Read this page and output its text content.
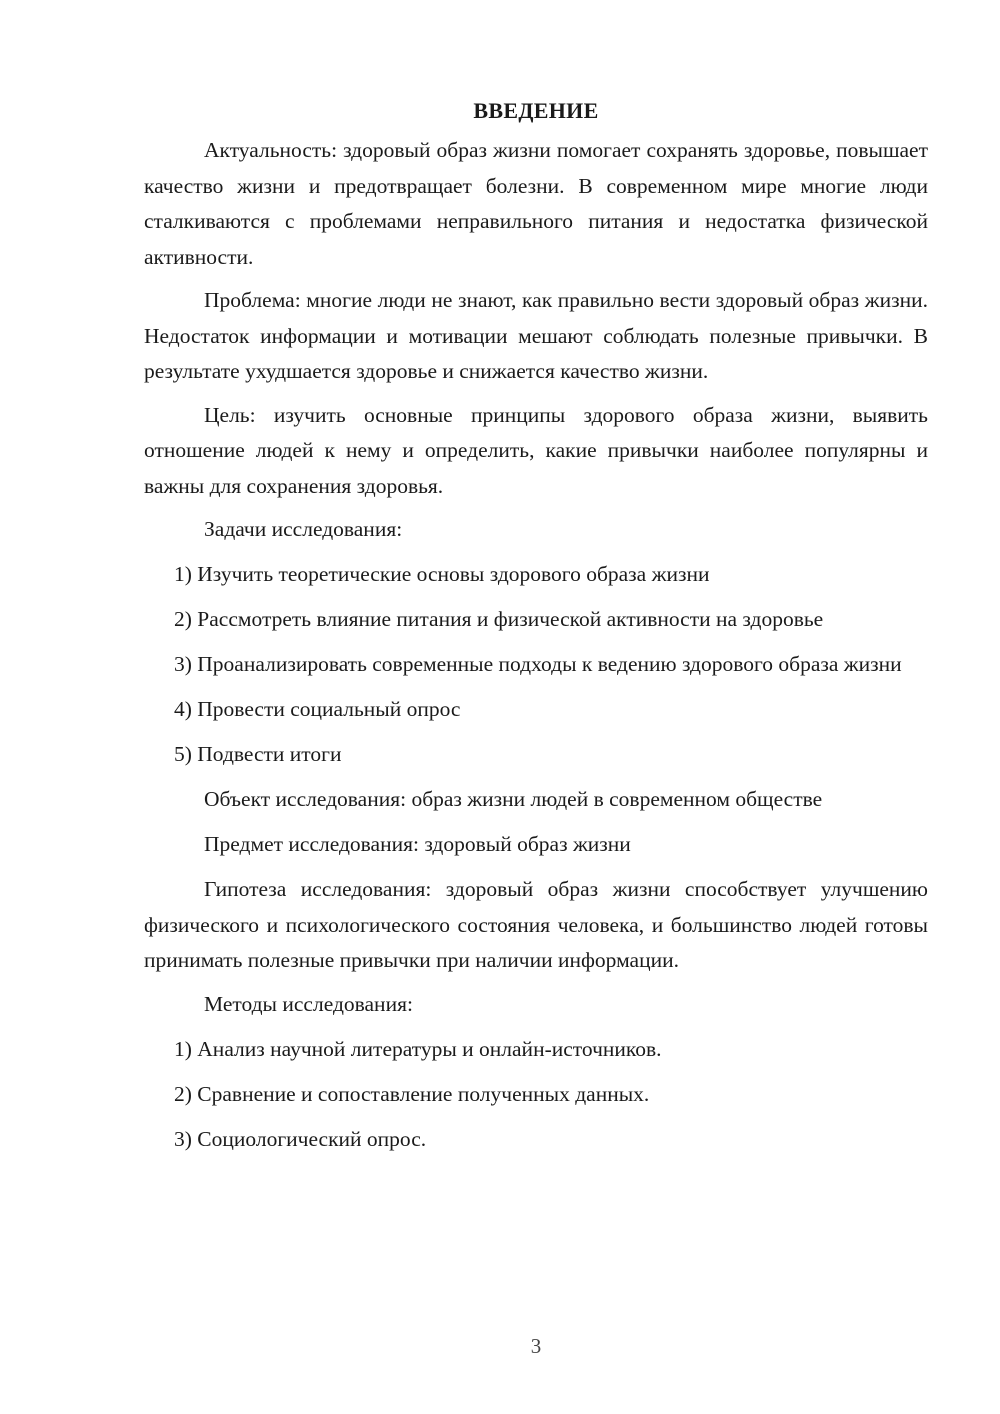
ВВЕДЕНИЕ

Актуальность: здоровый образ жизни помогает сохранять здоровье, повышает качество жизни и предотвращает болезни. В современном мире многие люди сталкиваются с проблемами неправильного питания и недостатка физической активности.

Проблема: многие люди не знают, как правильно вести здоровый образ жизни. Недостаток информации и мотивации мешают соблюдать полезные привычки. В результате ухудшается здоровье и снижается качество жизни.

Цель: изучить основные принципы здорового образа жизни, выявить отношение людей к нему и определить, какие привычки наиболее популярны и важны для сохранения здоровья.

Задачи исследования:

1) Изучить теоретические основы здорового образа жизни

2) Рассмотреть влияние питания и физической активности на здоровье

3) Проанализировать современные подходы к ведению здорового образа жизни

4) Провести социальный опрос

5) Подвести итоги

Объект исследования: образ жизни людей в современном обществе

Предмет исследования: здоровый образ жизни

Гипотеза исследования: здоровый образ жизни способствует улучшению физического и психологического состояния человека, и большинство людей готовы принимать полезные привычки при наличии информации.

Методы исследования:

1) Анализ научной литературы и онлайн-источников.

2) Сравнение и сопоставление полученных данных.

3) Социологический опрос.

3
